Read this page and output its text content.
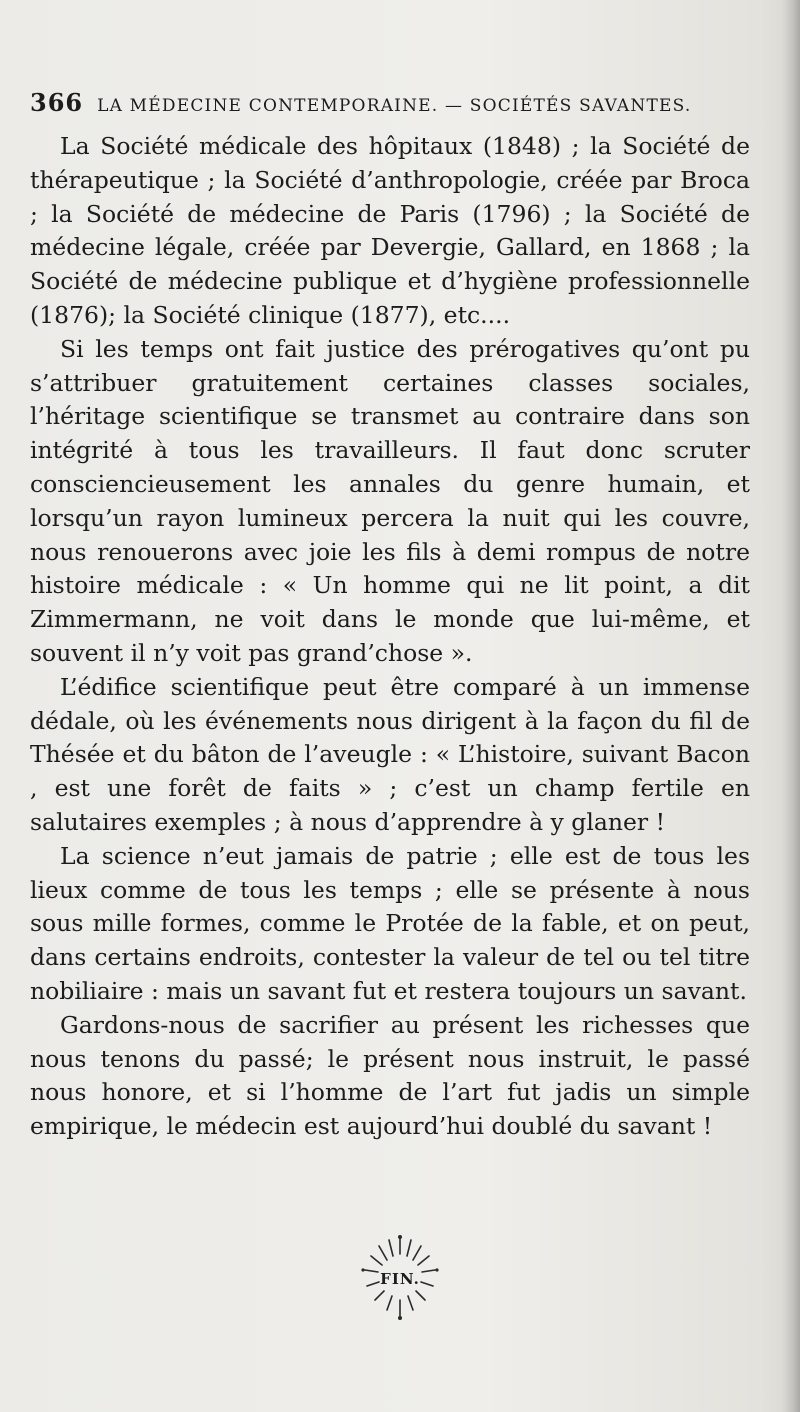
366 LA MÉDECINE CONTEMPORAINE. — SOCIÉTÉS SAVANTES.

La Société médicale des hôpitaux (1848) ; la Société de thérapeutique ; la Société d’anthropologie, créée par Broca ; la Société de médecine de Paris (1796) ; la Société de médecine légale, créée par Devergie, Gallard, en 1868 ; la Société de médecine publique et d’hygiène professionnelle (1876); la Société clinique (1877), etc....

Si les temps ont fait justice des prérogatives qu’ont pu s’attribuer gratuitement certaines classes sociales, l’héritage scientifique se transmet au contraire dans son intégrité à tous les travailleurs. Il faut donc scruter consciencieusement les annales du genre humain, et lorsqu’un rayon lumineux percera la nuit qui les couvre, nous renouerons avec joie les fils à demi rompus de notre histoire médicale : « Un homme qui ne lit point, a dit Zimmermann, ne voit dans le monde que lui-même, et souvent il n’y voit pas grand’chose ».

L’édifice scientifique peut être comparé à un immense dédale, où les événements nous dirigent à la façon du fil de Thésée et du bâton de l’aveugle : « L’histoire, suivant Bacon , est une forêt de faits » ; c’est un champ fertile en salutaires exemples ; à nous d’apprendre à y glaner !

La science n’eut jamais de patrie ; elle est de tous les lieux comme de tous les temps ; elle se présente à nous sous mille formes, comme le Protée de la fable, et on peut, dans certains endroits, contester la valeur de tel ou tel titre nobiliaire : mais un savant fut et restera toujours un savant.

Gardons-nous de sacrifier au présent les richesses que nous tenons du passé; le présent nous instruit, le passé nous honore, et si l’homme de l’art fut jadis un simple empirique, le médecin est aujourd’hui doublé du savant !

FIN.
